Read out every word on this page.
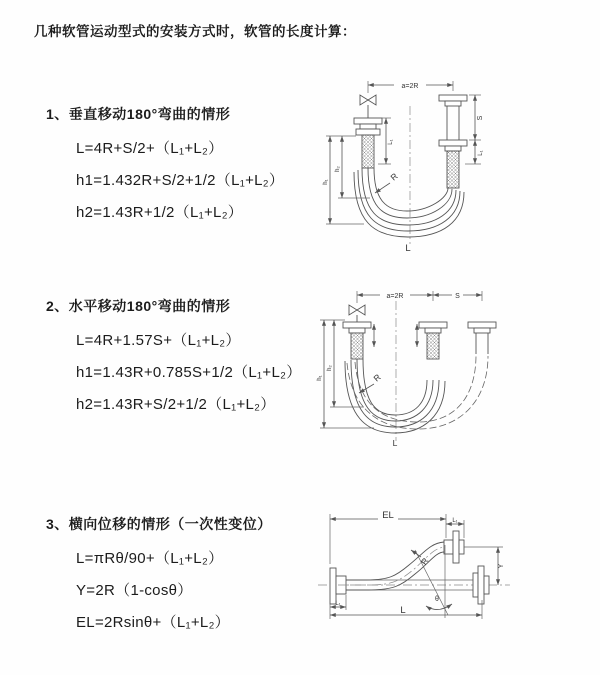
几种软管运动型式的安装方式时，软管的长度计算：
1、垂直移动180°弯曲的情形
L=4R+S/2+（L₁+L₂）
h1=1.432R+S/2+1/2（L₁+L₂）
h2=1.43R+1/2（L₁+L₂）
a=2R
S
L₁
L₁
h₁
h₂
R
L
2、水平移动180°弯曲的情形
L=4R+1.57S+（L₁+L₂）
h1=1.43R+0.785S+1/2（L₁+L₂）
h2=1.43R+S/2+1/2（L₁+L₂）
a=2R	S
h₁
h₂
R
L
3、横向位移的情形（一次性变位）
L=πRθ/90+（L₁+L₂）
Y=2R（1-cosθ）
EL=2Rsinθ+（L₁+L₂）
EL	L₁
Y
θ
R
L₁
L
